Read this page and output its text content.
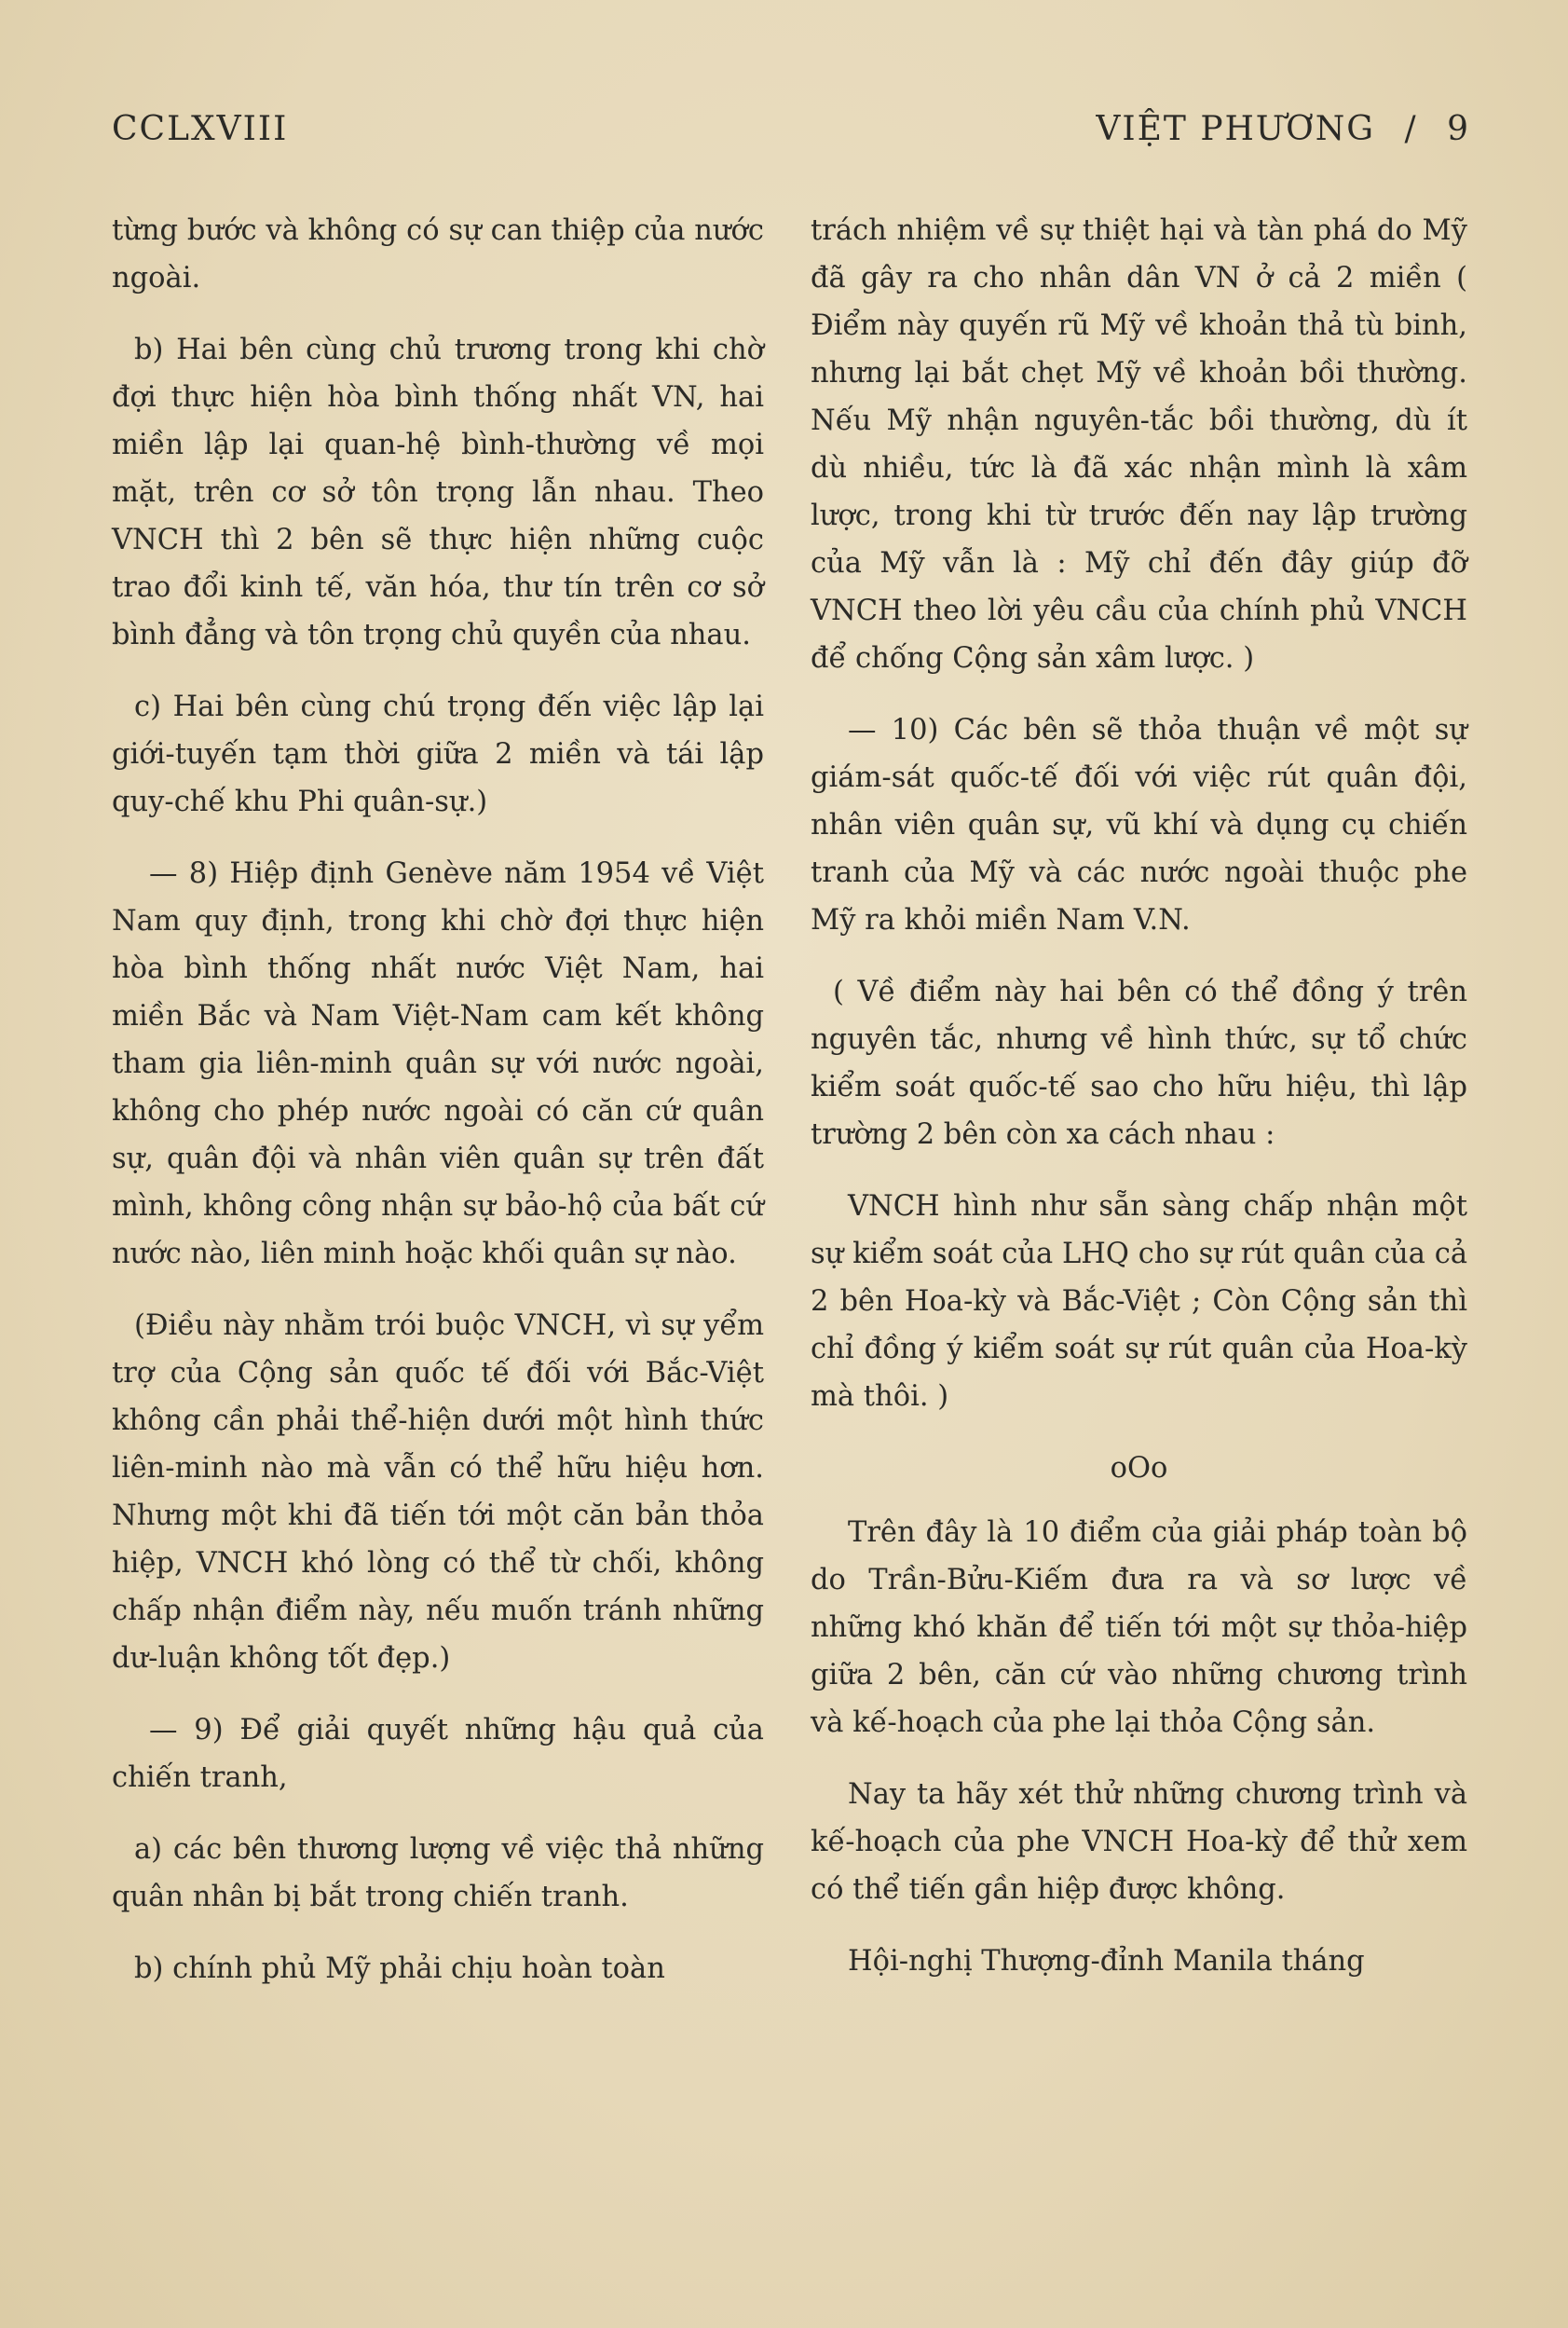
CCLXVIII	VIỆT PHƯƠNG / 9

từng bước và không có sự can thiệp của nước ngoài.

b) Hai bên cùng chủ trương trong khi chờ đợi thực hiện hòa bình thống nhất VN, hai miền lập lại quan-hệ bình-thường về mọi mặt, trên cơ sở tôn trọng lẫn nhau. Theo VNCH thì 2 bên sẽ thực hiện những cuộc trao đổi kinh tế, văn hóa, thư tín trên cơ sở bình đẳng và tôn trọng chủ quyền của nhau.

c) Hai bên cùng chú trọng đến việc lập lại giới-tuyến tạm thời giữa 2 miền và tái lập quy-chế khu Phi quân-sự.)

— 8) Hiệp định Genève năm 1954 về Việt Nam quy định, trong khi chờ đợi thực hiện hòa bình thống nhất nước Việt Nam, hai miền Bắc và Nam Việt-Nam cam kết không tham gia liên-minh quân sự với nước ngoài, không cho phép nước ngoài có căn cứ quân sự, quân đội và nhân viên quân sự trên đất mình, không công nhận sự bảo-hộ của bất cứ nước nào, liên minh hoặc khối quân sự nào.

(Điều này nhằm trói buộc VNCH, vì sự yểm trợ của Cộng sản quốc tế đối với Bắc-Việt không cần phải thể-hiện dưới một hình thức liên-minh nào mà vẫn có thể hữu hiệu hơn. Nhưng một khi đã tiến tới một căn bản thỏa hiệp, VNCH khó lòng có thể từ chối, không chấp nhận điểm này, nếu muốn tránh những dư-luận không tốt đẹp.)

— 9) Để giải quyết những hậu quả của chiến tranh,

a) các bên thương lượng về việc thả những quân nhân bị bắt trong chiến tranh.

b) chính phủ Mỹ phải chịu hoàn toàn

trách nhiệm về sự thiệt hại và tàn phá do Mỹ đã gây ra cho nhân dân VN ở cả 2 miền ( Điểm này quyến rũ Mỹ về khoản thả tù binh, nhưng lại bắt chẹt Mỹ về khoản bồi thường. Nếu Mỹ nhận nguyên-tắc bồi thường, dù ít dù nhiều, tức là đã xác nhận mình là xâm lược, trong khi từ trước đến nay lập trường của Mỹ vẫn là : Mỹ chỉ đến đây giúp đỡ VNCH theo lời yêu cầu của chính phủ VNCH để chống Cộng sản xâm lược. )

— 10) Các bên sẽ thỏa thuận về một sự giám-sát quốc-tế đối với việc rút quân đội, nhân viên quân sự, vũ khí và dụng cụ chiến tranh của Mỹ và các nước ngoài thuộc phe Mỹ ra khỏi miền Nam V.N.

( Về điểm này hai bên có thể đồng ý trên nguyên tắc, nhưng về hình thức, sự tổ chức kiểm soát quốc-tế sao cho hữu hiệu, thì lập trường 2 bên còn xa cách nhau :

VNCH hình như sẵn sàng chấp nhận một sự kiểm soát của LHQ cho sự rút quân của cả 2 bên Hoa-kỳ và Bắc-Việt ; Còn Cộng sản thì chỉ đồng ý kiểm soát sự rút quân của Hoa-kỳ mà thôi. )

oOo

Trên đây là 10 điểm của giải pháp toàn bộ do Trần-Bửu-Kiếm đưa ra và sơ lược về những khó khăn để tiến tới một sự thỏa-hiệp giữa 2 bên, căn cứ vào những chương trình và kế-hoạch của phe lại thỏa Cộng sản.

Nay ta hãy xét thử những chương trình và kế-hoạch của phe VNCH Hoa-kỳ để thử xem có thể tiến gần hiệp được không.

Hội-nghị Thượng-đỉnh Manila tháng
